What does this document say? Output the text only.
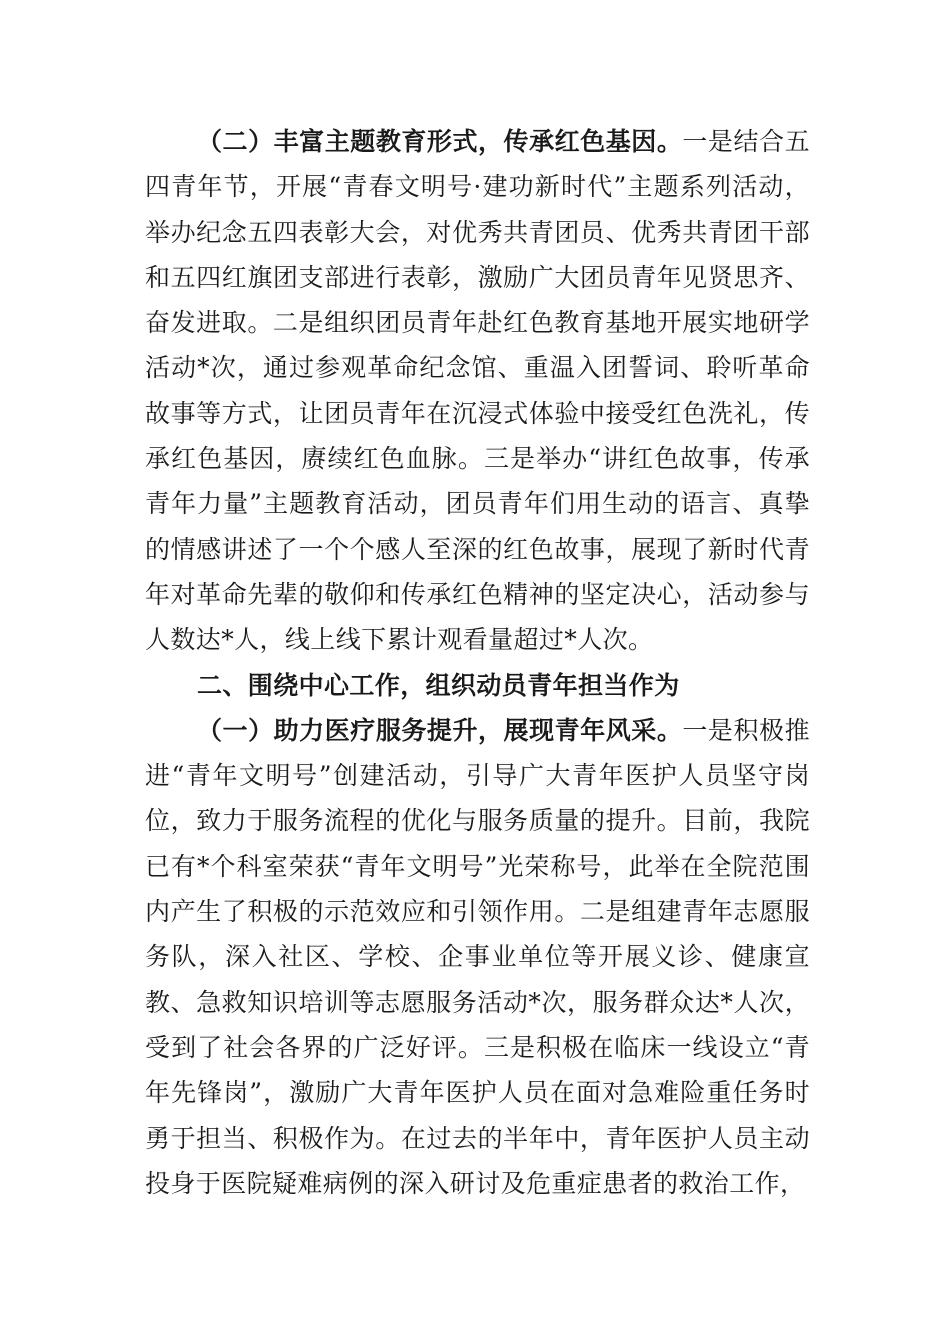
（二）丰富主题教育形式，传承红色基因。一是结合五四青年节，开展“青春文明号·建功新时代”主题系列活动，举办纪念五四表彰大会，对优秀共青团员、优秀共青团干部和五四红旗团支部进行表彰，激励广大团员青年见贤思齐、奋发进取。二是组织团员青年赴红色教育基地开展实地研学活动*次，通过参观革命纪念馆、重温入团誓词、聆听革命故事等方式，让团员青年在沉浸式体验中接受红色洗礼，传承红色基因，赓续红色血脉。三是举办“讲红色故事，传承青年力量”主题教育活动，团员青年们用生动的语言、真挚的情感讲述了一个个感人至深的红色故事，展现了新时代青年对革命先辈的敬仰和传承红色精神的坚定决心，活动参与人数达*人，线上线下累计观看量超过*人次。

二、围绕中心工作，组织动员青年担当作为

（一）助力医疗服务提升，展现青年风采。一是积极推进“青年文明号”创建活动，引导广大青年医护人员坚守岗位，致力于服务流程的优化与服务质量的提升。目前，我院已有*个科室荣获“青年文明号”光荣称号，此举在全院范围内产生了积极的示范效应和引领作用。二是组建青年志愿服务队，深入社区、学校、企事业单位等开展义诊、健康宣教、急救知识培训等志愿服务活动*次，服务群众达*人次，受到了社会各界的广泛好评。三是积极在临床一线设立“青年先锋岗”，激励广大青年医护人员在面对急难险重任务时勇于担当、积极作为。在过去的半年中，青年医护人员主动投身于医院疑难病例的深入研讨及危重症患者的救治工作，
